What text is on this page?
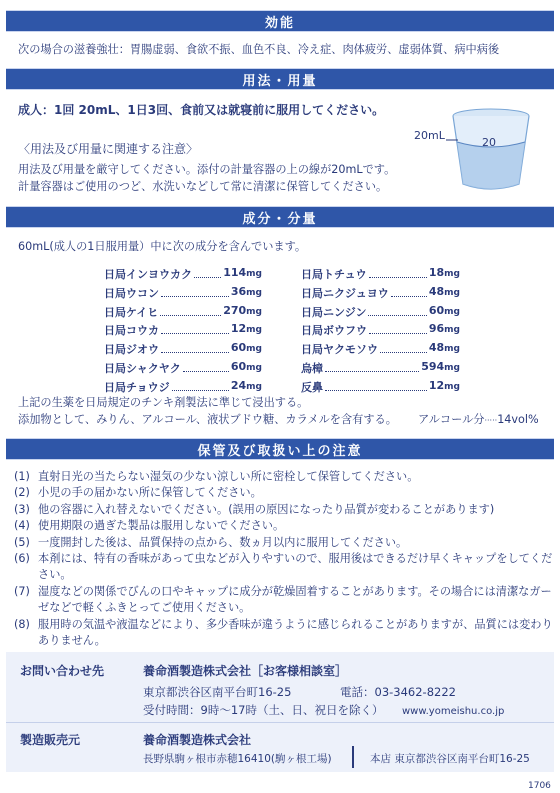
効能
次の場合の滋養強壮：胃腸虚弱、食欲不振、血色不良、冷え症、肉体疲労、虚弱体質、病中病後
用法・用量
成人：1回 20mL、1日3回、食前又は就寝前に服用してください。
〈用法及び用量に関連する注意〉
用法及び用量を厳守してください。添付の計量容器の上の線が20mLです。
計量容器はご使用のつど、水洗いなどして常に清潔に保管してください。
20mL
20
成分・分量
60mL(成人の1日服用量）中に次の成分を含んでいます。
日局インヨウカク	114mg
日局ウコン	36mg
日局ケイヒ	270mg
日局コウカ	12mg
日局ジオウ	60mg
日局シャクヤク	60mg
日局チョウジ	24mg
日局トチュウ	18mg
日局ニクジュヨウ	48mg
日局ニンジン	60mg
日局ボウフウ	96mg
日局ヤクモソウ	48mg
烏樟	594mg
反鼻	12mg
上記の生薬を日局規定のチンキ剤製法に準じて浸出する。
添加物として、みりん、アルコール、液状ブドウ糖、カラメルを含有する。 アルコール分·····14vol%
保管及び取扱い上の注意
(1) 直射日光の当たらない湿気の少ない涼しい所に密栓して保管してください。
(2) 小児の手の届かない所に保管してください。
(3) 他の容器に入れ替えないでください。(誤用の原因になったり品質が変わることがあります)
(4) 使用期限の過ぎた製品は服用しないでください。
(5) 一度開封した後は、品質保持の点から、数ヵ月以内に服用してください。
(6) 本剤には、特有の香味があって虫などが入りやすいので、服用後はできるだけ早くキャップをしてください。
(7) 湿度などの関係でびんの口やキャップに成分が乾燥固着することがあります。その場合には清潔なガーゼなどで軽くふきとってご使用ください。
(8) 服用時の気温や液温などにより、多少香味が違うように感じられることがありますが、品質には変わりありません。
お問い合わせ先	養命酒製造株式会社［お客様相談室］
東京都渋谷区南平台町16-25	電話：03-3462-8222
受付時間：9時〜17時（土、日、祝日を除く） www.yomeishu.co.jp
製造販売元	養命酒製造株式会社
長野県駒ヶ根市赤穂16410(駒ヶ根工場)	本店 東京都渋谷区南平台町16-25
1706
